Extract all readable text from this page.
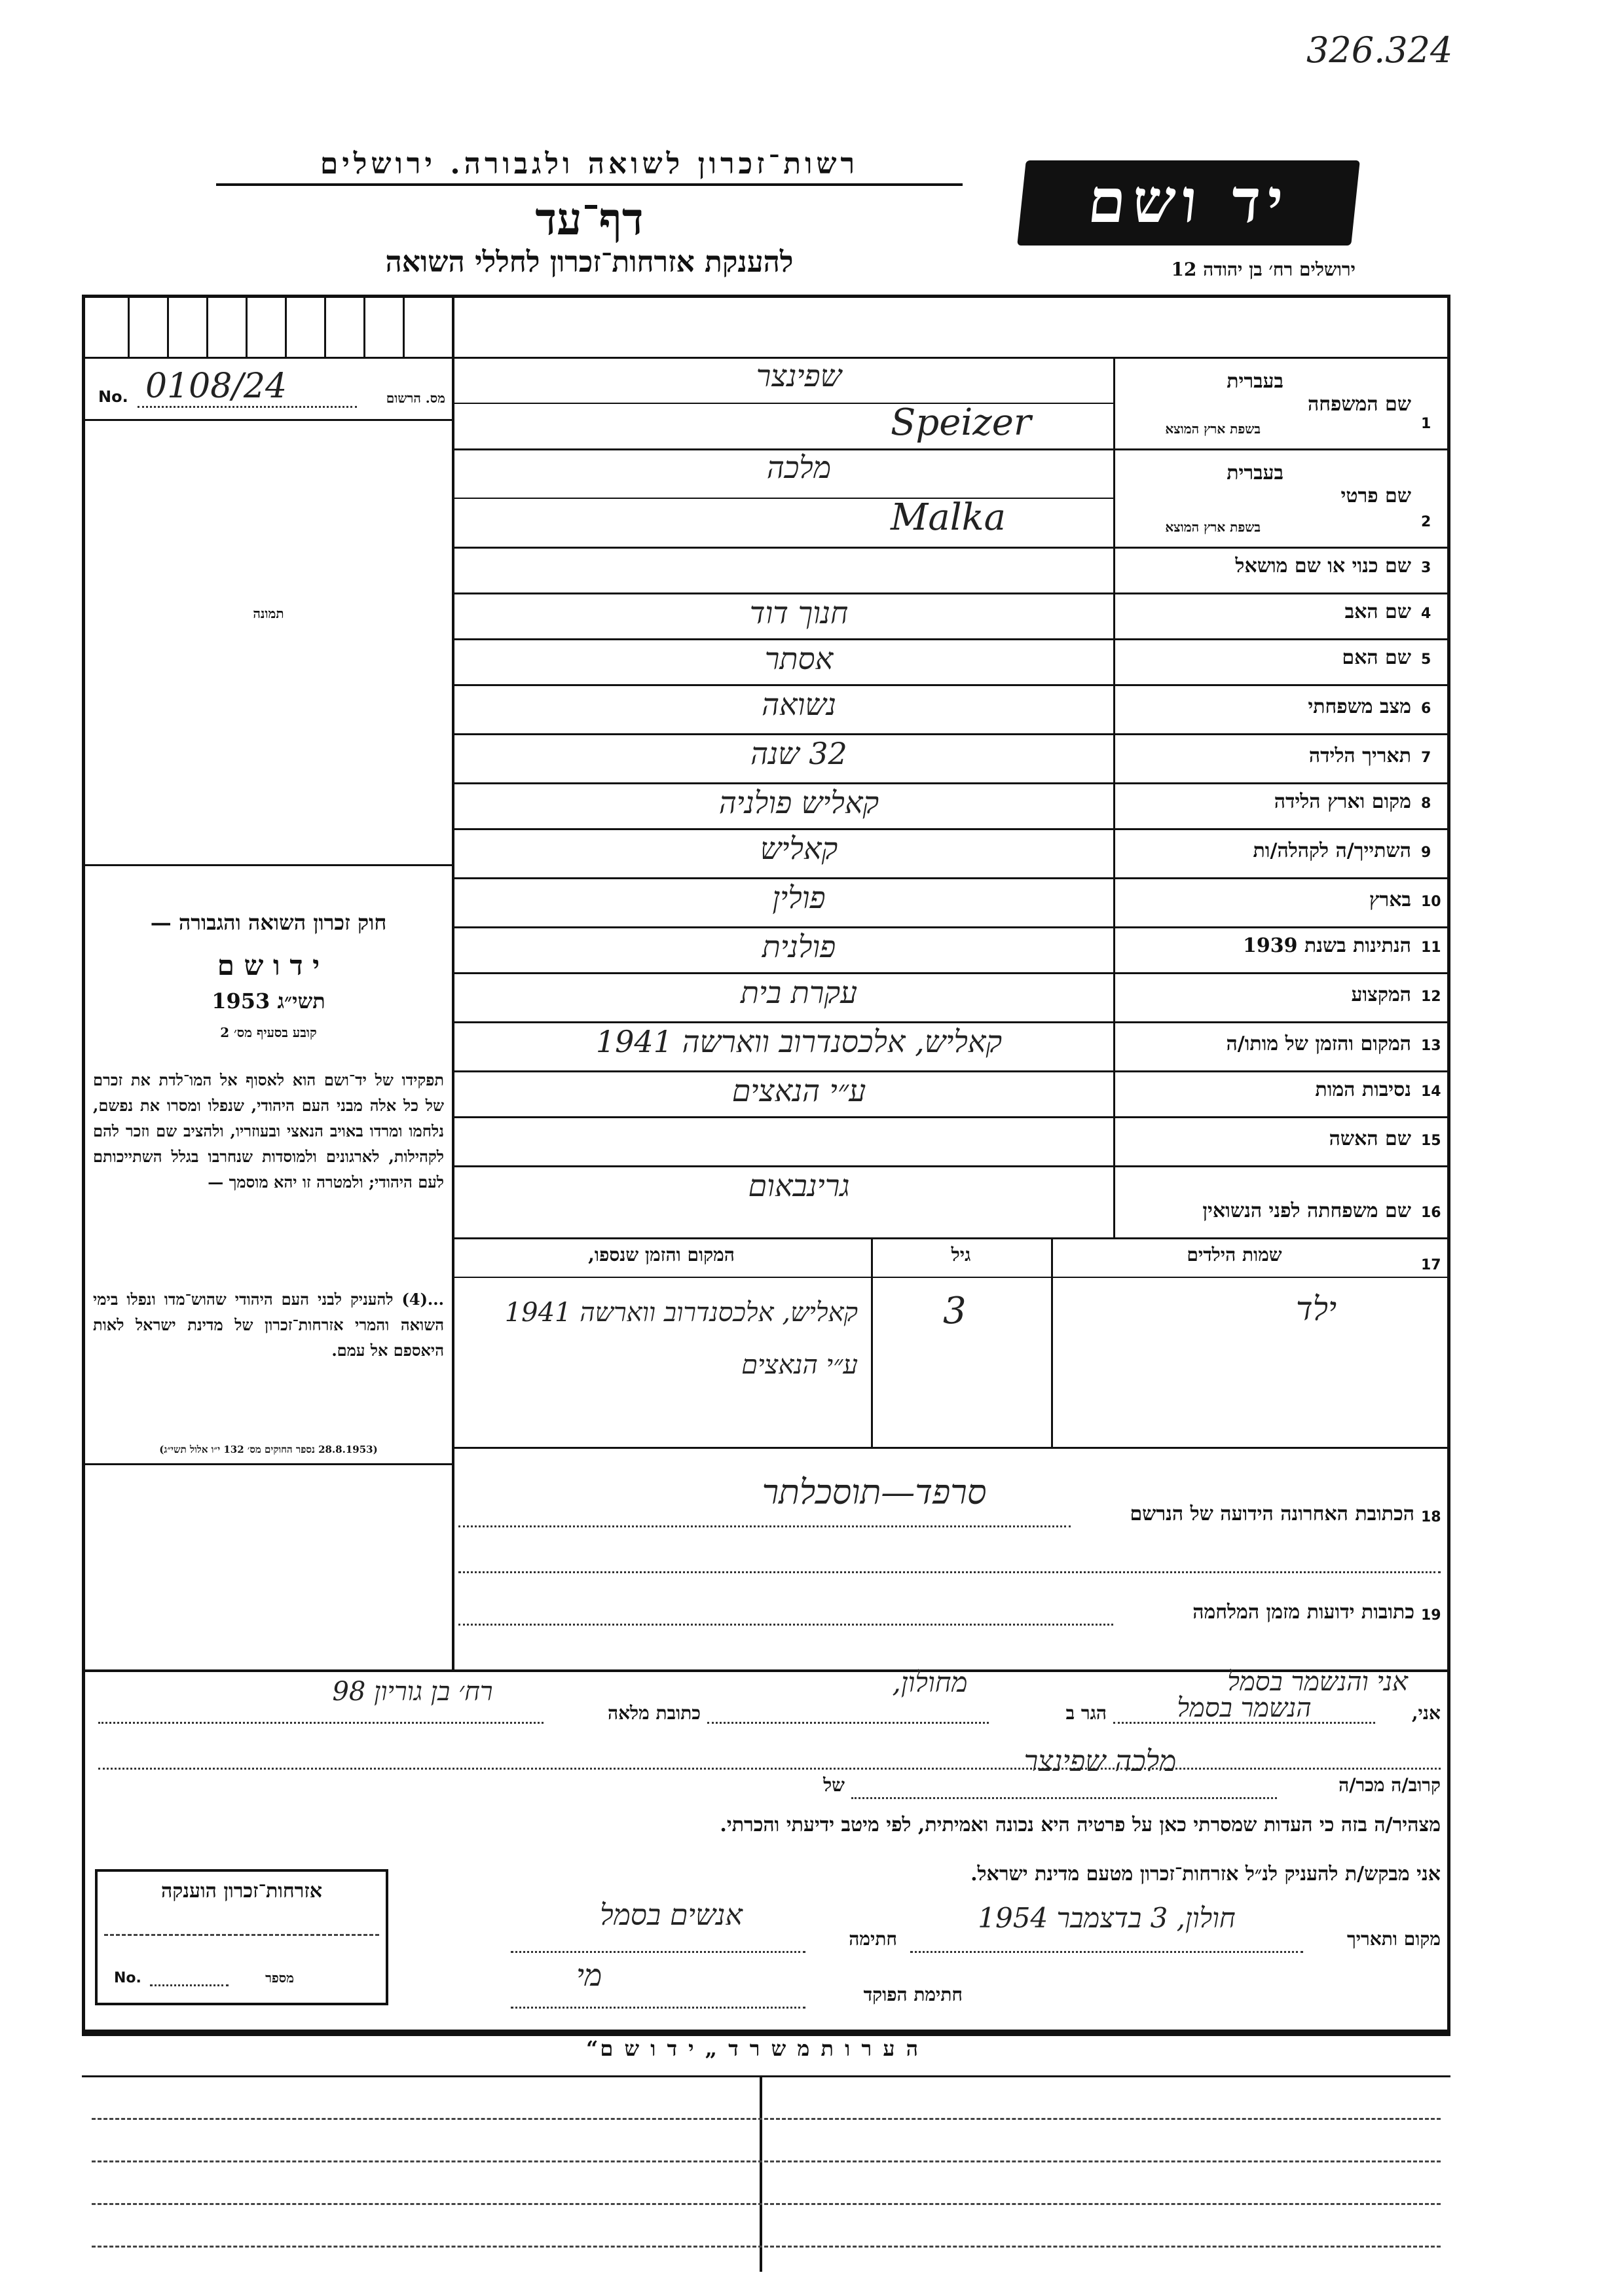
326.324
יד ושם
ירושלים רח׳ בן יהודה 12
רשות־זכרון לשואה ולגבורה. ירושלים
דף־עד
להענקת אזרחות־זכרון לחללי השואה
No. 0108/24	מס. הרשום
תמונה
חוק זכרון השואה והגבורה —
י ד ו ש ם
תשי״ג 1953
קובע בסעיף מס׳ 2
תפקידו של יד־ושם הוא לאסוף אל המו־לדת את זכרם של כל אלה מבני העם היהודי, שנפלו ומסרו את נפשם, נלחמו ומרדו באויב הנאצי ובעוזריו, ולהציב שם וזכר להם לקהילות, לארגונים ולמוסדות שנחרבו בגלל השתייכותם לעם היהודי; ולמטרה זו יהא מוסמך —
...(4) להעניק לבני העם היהודי שהוש־מדו ונפלו בימי השואה והמרי אזרחות־זכרון של מדינת ישראל לאות היאספם אל עמם.
(28.8.1953 נספר החוקים מס׳ 132 י״ו אלול תשי״ג)
1
שם המשפחה
בעברית
בשפת ארץ המוצא
Speizer
שפינצר
2
שם פרטי
בעברית
בשפת ארץ המוצא
Malka
מלכה
3
שם כנוי או שם מושאל
4
שם האב
חנוך דוד
5
שם האם
אסתר
6
מצב משפחתי
נשואה
7
תאריך הלידה
32 שנה
8
מקום וארץ הלידה
קאליש פולניה
9
השתייך/ה לקהלה/ות
קאליש
10
בארץ
פולין
11
הנתינות בשנת 1939
פולנית
12
המקצוע
עקרת בית
13
המקום והזמן של מותו/ה
קאליש, אלכסנדרוב ווארשה 1941
14
נסיבות המות
ע״י הנאצים
15
שם האשה
16
שם משפחתה לפני הנשואין
גרינבאום
17
שמות הילדים
גיל
המקום והזמן שנספו,
ילד
3
קאליש, אלכסנדרוב ווארשה 1941 ע״י הנאצים
18
הכתובת האחרונה הידועה של הנרשם
סרפד—תוסכלתר
19
כתובות ידועות מזמן המלחמה
אני והנשמר בסמל
אני,
הנשמר בסמל
הגר ב
מחולון,
כתובת מלאה
רח׳ בן גוריון 98
קרוב/ה מכר/ה
מלכה שפינצר
של
מצהיר/ה בזה כי העדות שמסרתי כאן על פרטיה היא נכונה ואמיתית, לפי מיטב ידיעתי והכרתי.
אני מבקש/ת להעניק לנ״ל אזרחות־זכרון מטעם מדינת ישראל.
מקום ותאריך
חולון, 3 בדצמבר 1954
חתימה
אנשים בסמל
חתימת הפוקד
מי
אזרחות־זכרון הוענקה
No.	מספר
ה ע ר ו ת מ ש ר ד „ י ד ו ש ם“
